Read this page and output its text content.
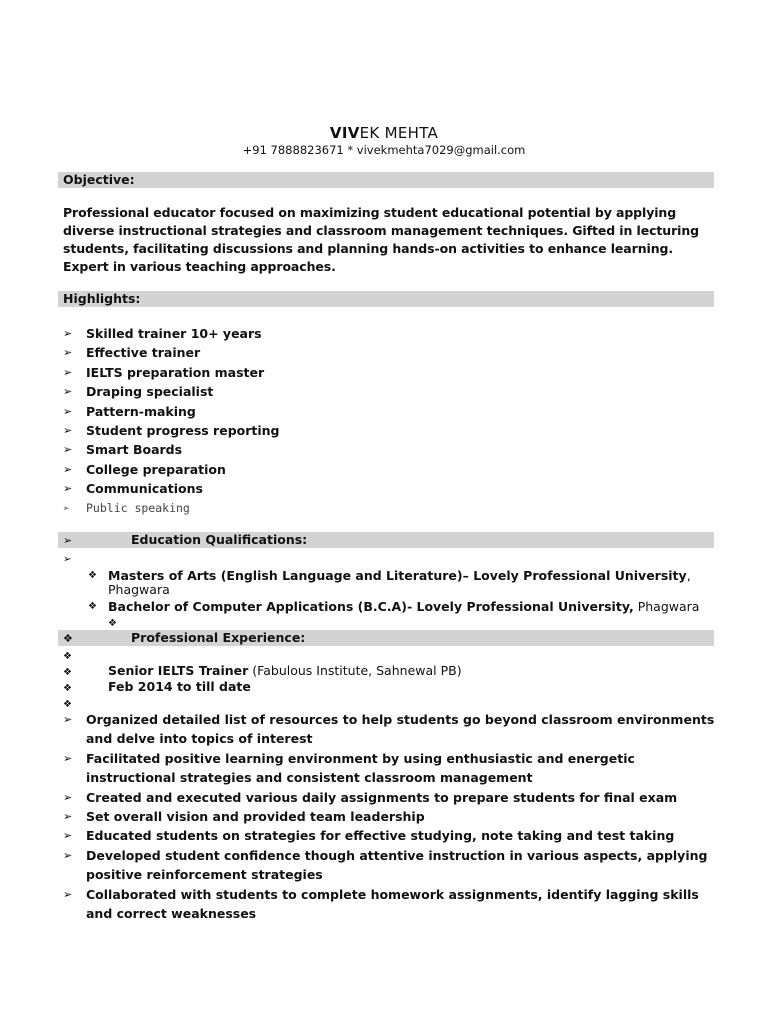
VIVEK MEHTA
+91 7888823671 * vivekmehta7029@gmail.com
Objective:
Professional educator focused on maximizing student educational potential by applying diverse instructional strategies and classroom management techniques. Gifted in lecturing students, facilitating discussions and planning hands-on activities to enhance learning. Expert in various teaching approaches.
Highlights:
➢ Skilled trainer 10+ years
➢ Effective trainer
➢ IELTS preparation master
➢ Draping specialist
➢ Pattern-making
➢ Student progress reporting
➢ Smart Boards
➢ College preparation
➢ Communications
➢ Public speaking
➢	Education Qualifications:
➢
❖ Masters of Arts (English Language and Literature)– Lovely Professional University, Phagwara
❖ Bachelor of Computer Applications (B.C.A)- Lovely Professional University, Phagwara
❖
❖	Professional Experience:
❖
❖	Senior IELTS Trainer (Fabulous Institute, Sahnewal PB)
❖	Feb 2014 to till date
❖
➢ Organized detailed list of resources to help students go beyond classroom environments and delve into topics of interest
➢ Facilitated positive learning environment by using enthusiastic and energetic instructional strategies and consistent classroom management
➢ Created and executed various daily assignments to prepare students for final exam
➢ Set overall vision and provided team leadership
➢ Educated students on strategies for effective studying, note taking and test taking
➢ Developed student confidence though attentive instruction in various aspects, applying positive reinforcement strategies
➢ Collaborated with students to complete homework assignments, identify lagging skills and correct weaknesses
